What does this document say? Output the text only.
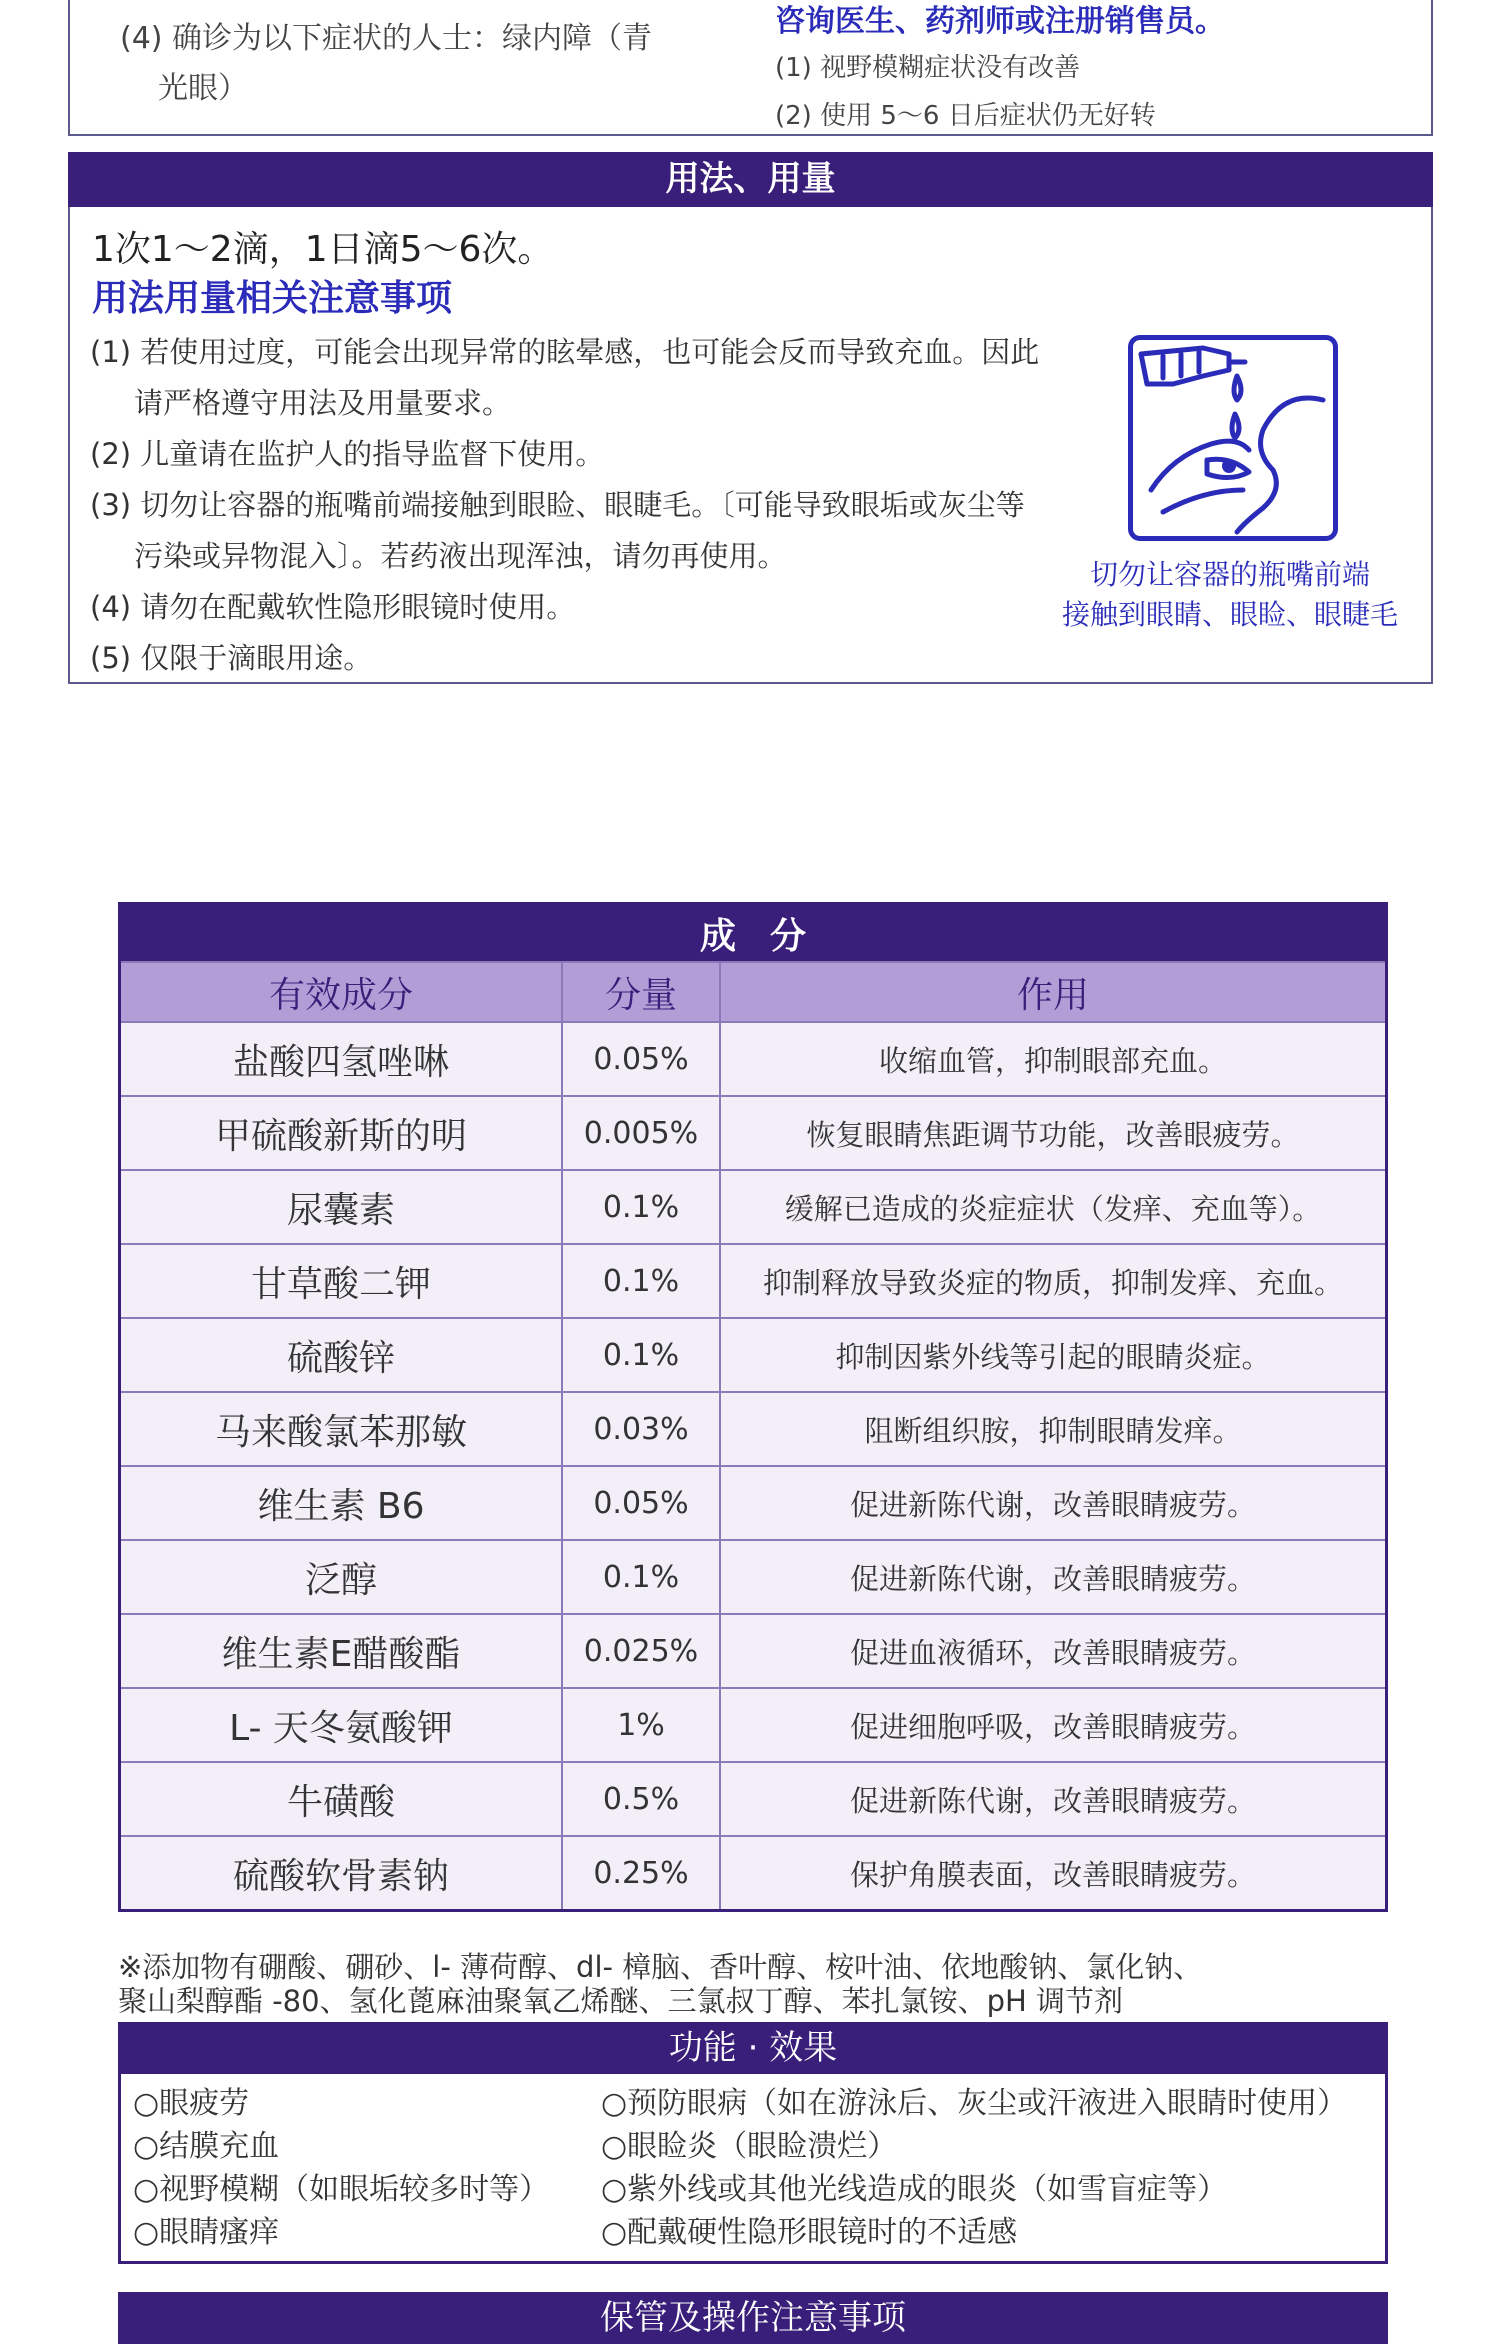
(4) 确诊为以下症状的人士：绿内障（青
光眼）
咨询医生、药剂师或注册销售员。
(1) 视野模糊症状没有改善
(2) 使用 5～6 日后症状仍无好转
用法、用量
1次1～2滴，1日滴5～6次。
用法用量相关注意事项
(1) 若使用过度，可能会出现异常的眩晕感，也可能会反而导致充血。因此
请严格遵守用法及用量要求。
(2) 儿童请在监护人的指导监督下使用。
(3) 切勿让容器的瓶嘴前端接触到眼睑、眼睫毛。〔可能导致眼垢或灰尘等
污染或异物混入〕。若药液出现浑浊，请勿再使用。
(4) 请勿在配戴软性隐形眼镜时使用。
(5) 仅限于滴眼用途。
切勿让容器的瓶嘴前端
接触到眼睛、眼睑、眼睫毛
成分		
有效成分	分量	作用
盐酸四氢唑啉	0.05%	收缩血管，抑制眼部充血。
甲硫酸新斯的明	0.005%	恢复眼睛焦距调节功能，改善眼疲劳。
尿囊素	0.1%	缓解已造成的炎症症状（发痒、充血等）。
甘草酸二钾	0.1%	抑制释放导致炎症的物质，抑制发痒、充血。
硫酸锌	0.1%	抑制因紫外线等引起的眼睛炎症。
马来酸氯苯那敏	0.03%	阻断组织胺，抑制眼睛发痒。
维生素 B6	0.05%	促进新陈代谢，改善眼睛疲劳。
泛醇	0.1%	促进新陈代谢，改善眼睛疲劳。
维生素E醋酸酯	0.025%	促进血液循环，改善眼睛疲劳。
L- 天冬氨酸钾	1%	促进细胞呼吸，改善眼睛疲劳。
牛磺酸	0.5%	促进新陈代谢，改善眼睛疲劳。
硫酸软骨素钠	0.25%	保护角膜表面，改善眼睛疲劳。
※添加物有硼酸、硼砂、l- 薄荷醇、dl- 樟脑、香叶醇、桉叶油、依地酸钠、氯化钠、
聚山梨醇酯 -80、氢化蓖麻油聚氧乙烯醚、三氯叔丁醇、苯扎氯铵、pH 调节剂
功能 · 效果
○眼疲劳
○结膜充血
○视野模糊（如眼垢较多时等）
○眼睛瘙痒
○预防眼病（如在游泳后、灰尘或汗液进入眼睛时使用）
○眼睑炎（眼睑溃烂）
○紫外线或其他光线造成的眼炎（如雪盲症等）
○配戴硬性隐形眼镜时的不适感
保管及操作注意事项
